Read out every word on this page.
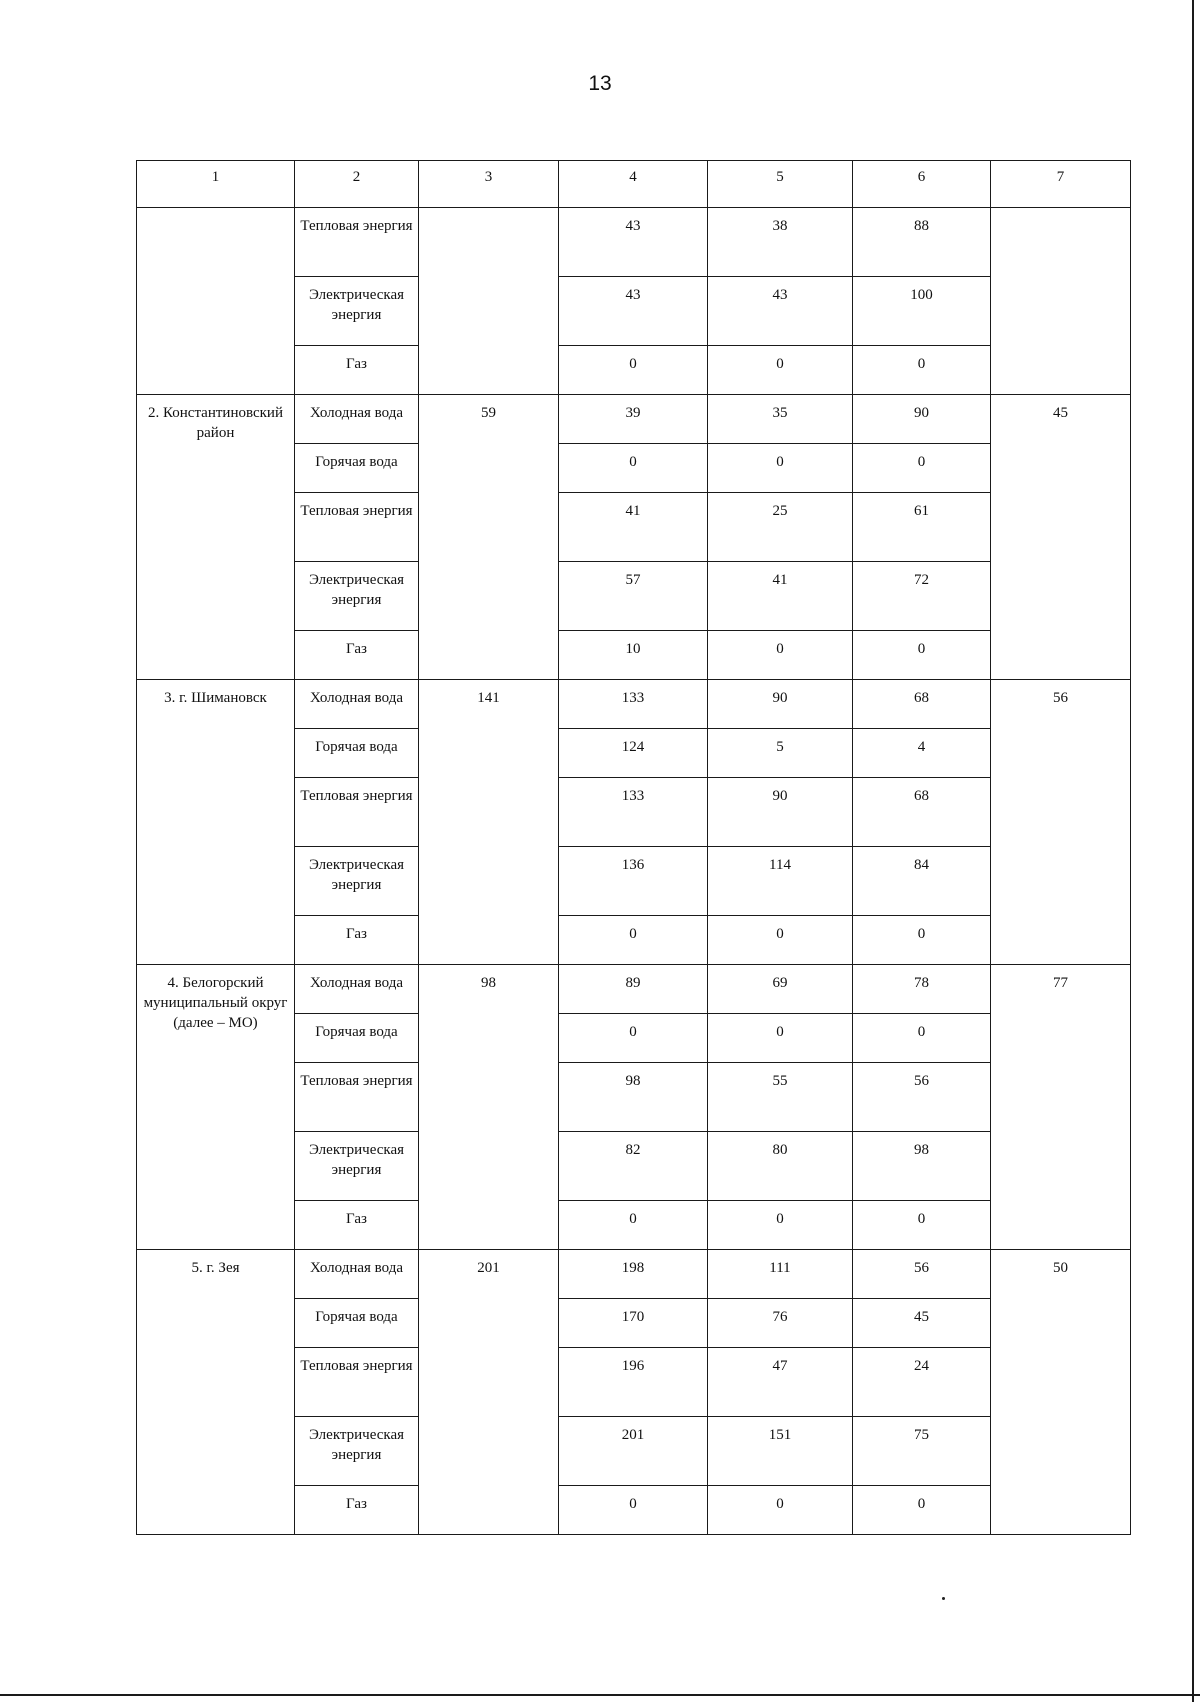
13
1	2	3	4	5	6	7
	Тепловая энергия		43	38	88	
	Электрическая энергия		43	43	100	
	Газ		0	0	0	
2. Константиновский район	Холодная вода	59	39	35	90	45
	Горячая вода		0	0	0	
	Тепловая энергия		41	25	61	
	Электрическая энергия		57	41	72	
	Газ		10	0	0	
3. г. Шимановск	Холодная вода	141	133	90	68	56
	Горячая вода		124	5	4	
	Тепловая энергия		133	90	68	
	Электрическая энергия		136	114	84	
	Газ		0	0	0	
4. Белогорский муниципальный округ (далее – МО)	Холодная вода	98	89	69	78	77
	Горячая вода		0	0	0	
	Тепловая энергия		98	55	56	
	Электрическая энергия		82	80	98	
	Газ		0	0	0	
5. г. Зея	Холодная вода	201	198	111	56	50
	Горячая вода		170	76	45	
	Тепловая энергия		196	47	24	
	Электрическая энергия		201	151	75	
	Газ		0	0	0	
